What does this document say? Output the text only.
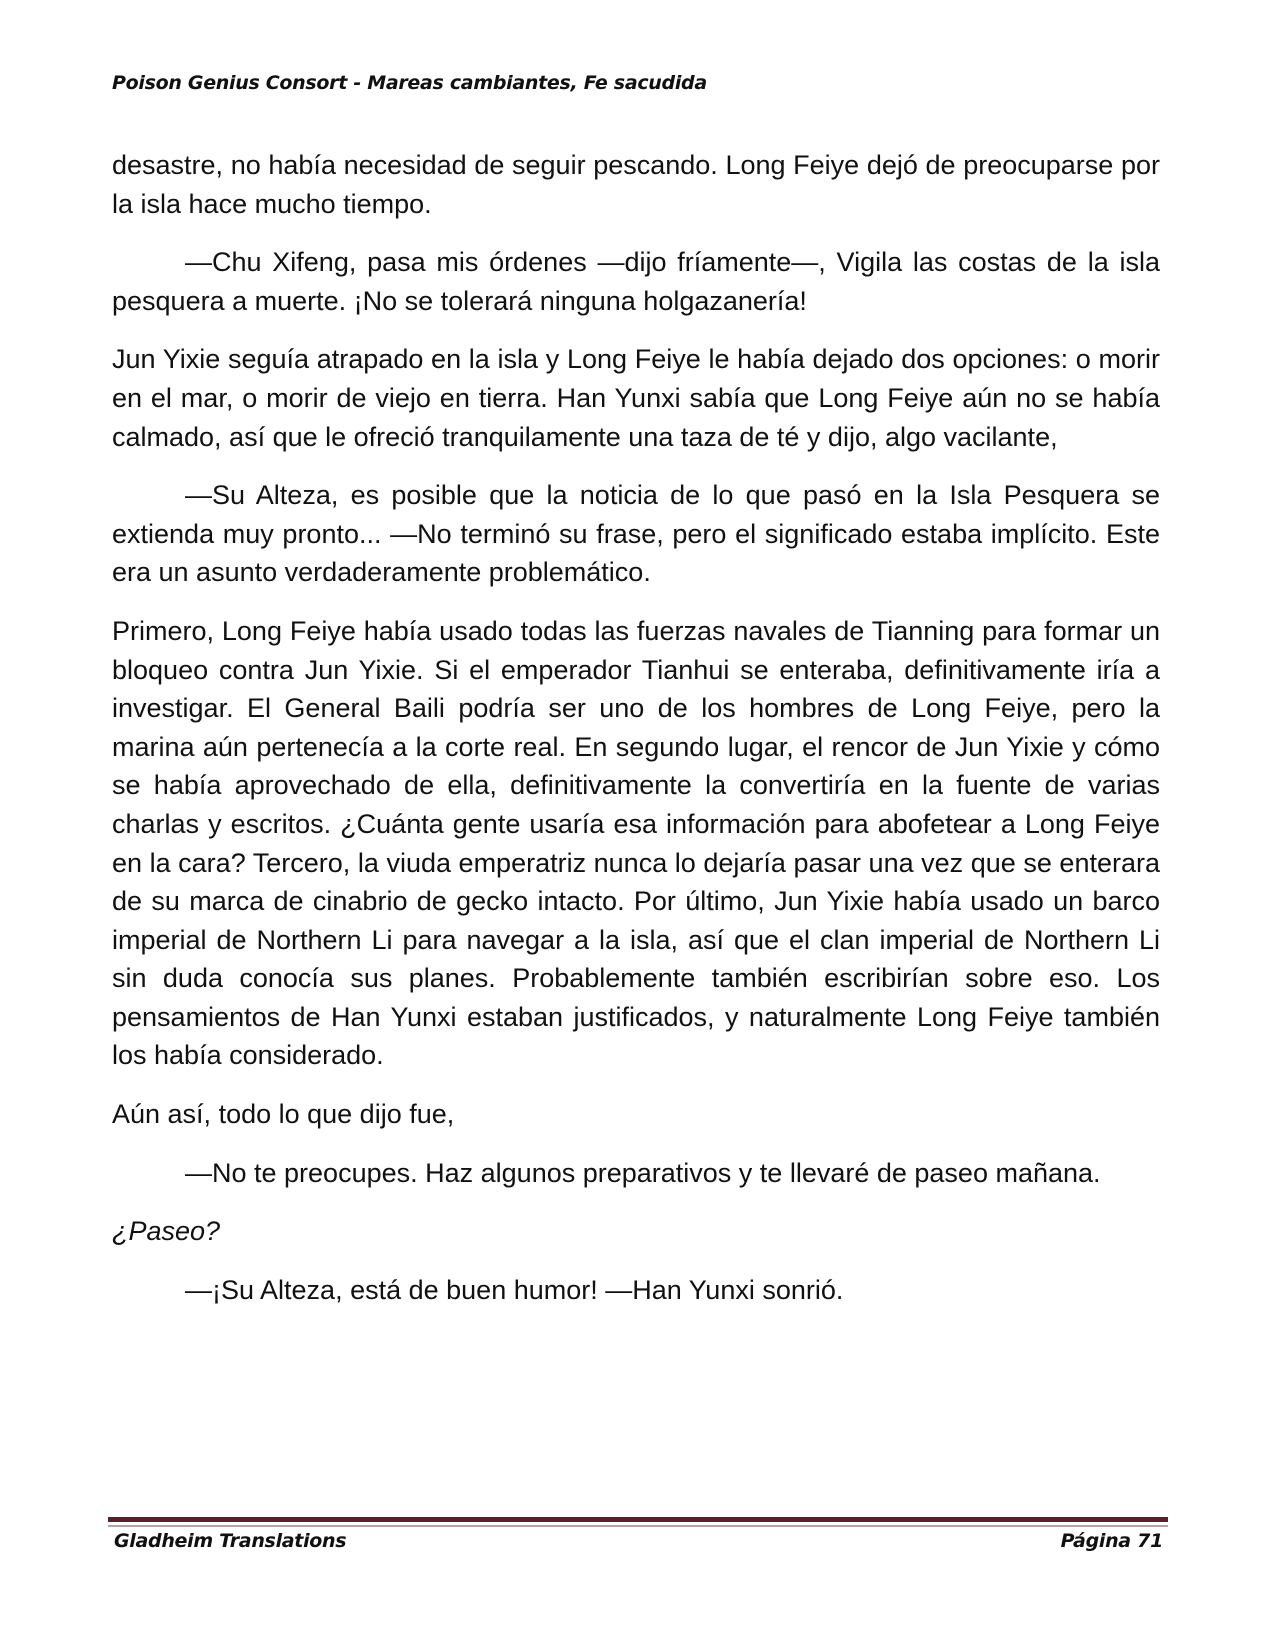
Poison Genius Consort - Mareas cambiantes, Fe sacudida

desastre, no había necesidad de seguir pescando. Long Feiye dejó de preocuparse por la isla hace mucho tiempo.

—Chu Xifeng, pasa mis órdenes —dijo fríamente—, Vigila las costas de la isla pesquera a muerte. ¡No se tolerará ninguna holgazanería!

Jun Yixie seguía atrapado en la isla y Long Feiye le había dejado dos opciones: o morir en el mar, o morir de viejo en tierra. Han Yunxi sabía que Long Feiye aún no se había calmado, así que le ofreció tranquilamente una taza de té y dijo, algo vacilante,

—Su Alteza, es posible que la noticia de lo que pasó en la Isla Pesquera se extienda muy pronto... —No terminó su frase, pero el significado estaba implícito. Este era un asunto verdaderamente problemático.

Primero, Long Feiye había usado todas las fuerzas navales de Tianning para formar un bloqueo contra Jun Yixie. Si el emperador Tianhui se enteraba, definitivamente iría a investigar. El General Baili podría ser uno de los hombres de Long Feiye, pero la marina aún pertenecía a la corte real. En segundo lugar, el rencor de Jun Yixie y cómo se había aprovechado de ella, definitivamente la convertiría en la fuente de varias charlas y escritos. ¿Cuánta gente usaría esa información para abofetear a Long Feiye en la cara? Tercero, la viuda emperatriz nunca lo dejaría pasar una vez que se enterara de su marca de cinabrio de gecko intacto. Por último, Jun Yixie había usado un barco imperial de Northern Li para navegar a la isla, así que el clan imperial de Northern Li sin duda conocía sus planes. Probablemente también escribirían sobre eso. Los pensamientos de Han Yunxi estaban justificados, y naturalmente Long Feiye también los había considerado.

Aún así, todo lo que dijo fue,

—No te preocupes. Haz algunos preparativos y te llevaré de paseo mañana.

¿Paseo?

—¡Su Alteza, está de buen humor! —Han Yunxi sonrió.

Gladheim Translations	Página 71
